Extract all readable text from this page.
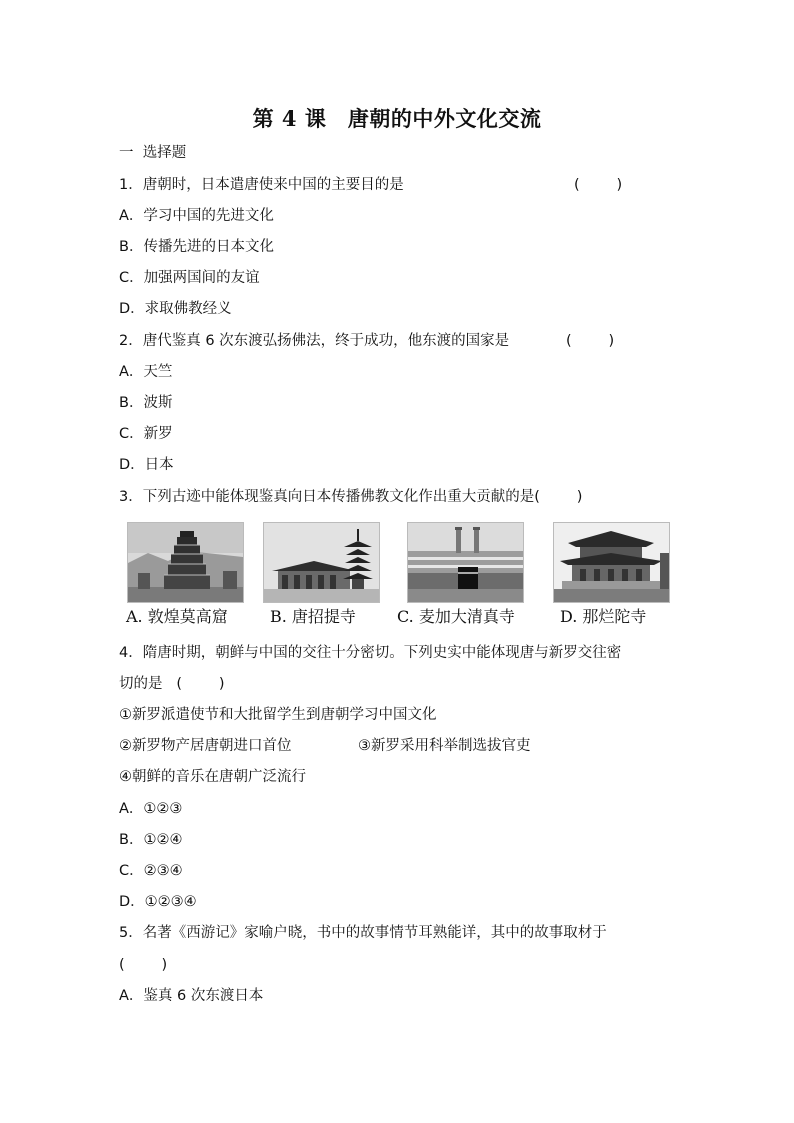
第 4 课　唐朝的中外文化交流
一  选择题
1．唐朝时，日本遣唐使来中国的主要目的是	(        )
A．学习中国的先进文化
B．传播先进的日本文化
C．加强两国间的友谊
D．求取佛教经义
2．唐代鉴真 6 次东渡弘扬佛法，终于成功，他东渡的国家是	(        )
A．天竺
B．波斯
C．新罗
D．日本
3．下列古迹中能体现鉴真向日本传播佛教文化作出重大贡献的是(        )
A. 敦煌莫高窟	B. 唐招提寺	C. 麦加大清真寺	D. 那烂陀寺
4．隋唐时期，朝鲜与中国的交往十分密切。下列史实中能体现唐与新罗交往密
切的是   (        )
①新罗派遣使节和大批留学生到唐朝学习中国文化
②新罗物产居唐朝进口首位	③新罗采用科举制选拔官吏
④朝鲜的音乐在唐朝广泛流行
A．①②③
B．①②④
C．②③④
D．①②③④
5．名著《西游记》家喻户晓，书中的故事情节耳熟能详，其中的故事取材于
(        )
A．鉴真 6 次东渡日本
